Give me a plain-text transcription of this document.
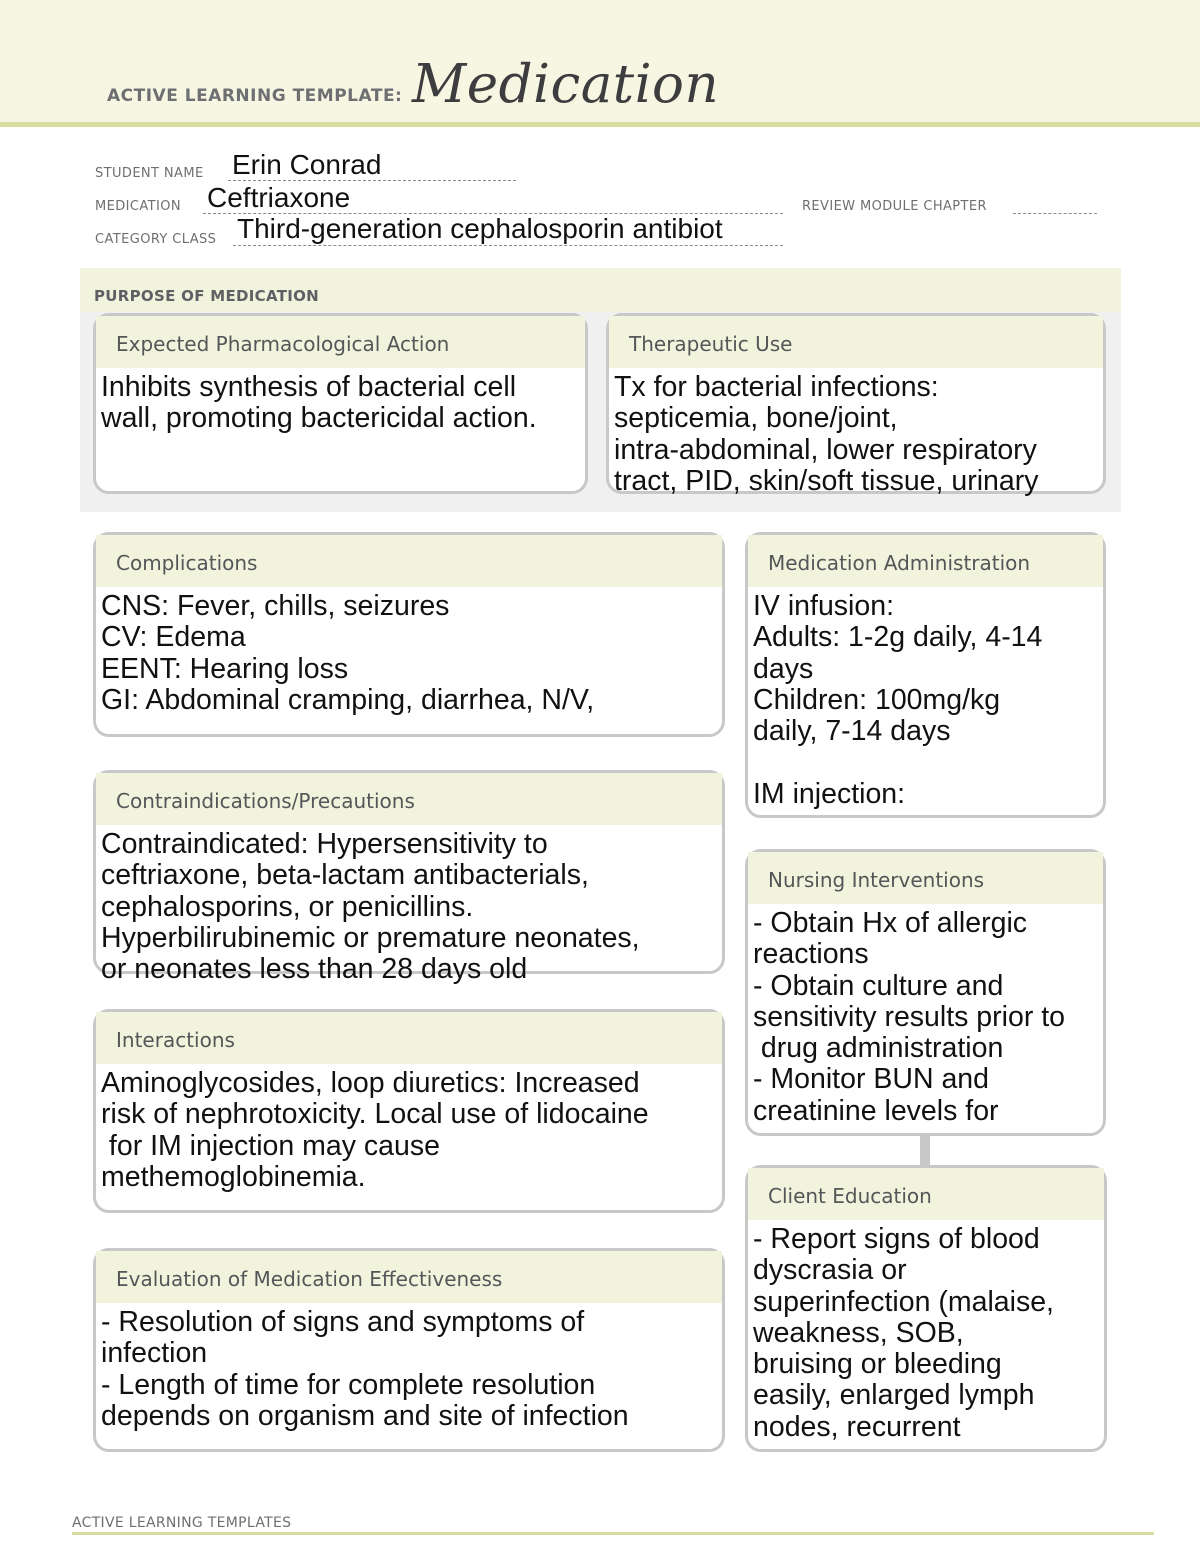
ACTIVE LEARNING TEMPLATE: Medication
STUDENT NAME Erin Conrad
MEDICATION Ceftriaxone	REVIEW MODULE CHAPTER
CATEGORY CLASS Third-generation cephalosporin antibiot
PURPOSE OF MEDICATION
Expected Pharmacological Action
Inhibits synthesis of bacterial cell
wall, promoting bactericidal action.
Therapeutic Use
Tx for bacterial infections:
septicemia, bone/joint,
intra-abdominal, lower respiratory
tract, PID, skin/soft tissue, urinary
Complications
CNS: Fever, chills, seizures
CV: Edema
EENT: Hearing loss
GI: Abdominal cramping, diarrhea, N/V,
Contraindications/Precautions
Contraindicated: Hypersensitivity to
ceftriaxone, beta-lactam antibacterials,
cephalosporins, or penicillins.
Hyperbilirubinemic or premature neonates,
or neonates less than 28 days old
Interactions
Aminoglycosides, loop diuretics: Increased
risk of nephrotoxicity. Local use of lidocaine
for IM injection may cause
methemoglobinemia.
Evaluation of Medication Effectiveness
- Resolution of signs and symptoms of
infection
- Length of time for complete resolution
depends on organism and site of infection
Medication Administration
IV infusion:
Adults: 1-2g daily, 4-14
days
Children: 100mg/kg
daily, 7-14 days

IM injection:
Nursing Interventions
- Obtain Hx of allergic
reactions
- Obtain culture and
sensitivity results prior to
drug administration
- Monitor BUN and
creatinine levels for
Client Education
- Report signs of blood
dyscrasia or
superinfection (malaise,
weakness, SOB,
bruising or bleeding
easily, enlarged lymph
nodes, recurrent
ACTIVE LEARNING TEMPLATES
